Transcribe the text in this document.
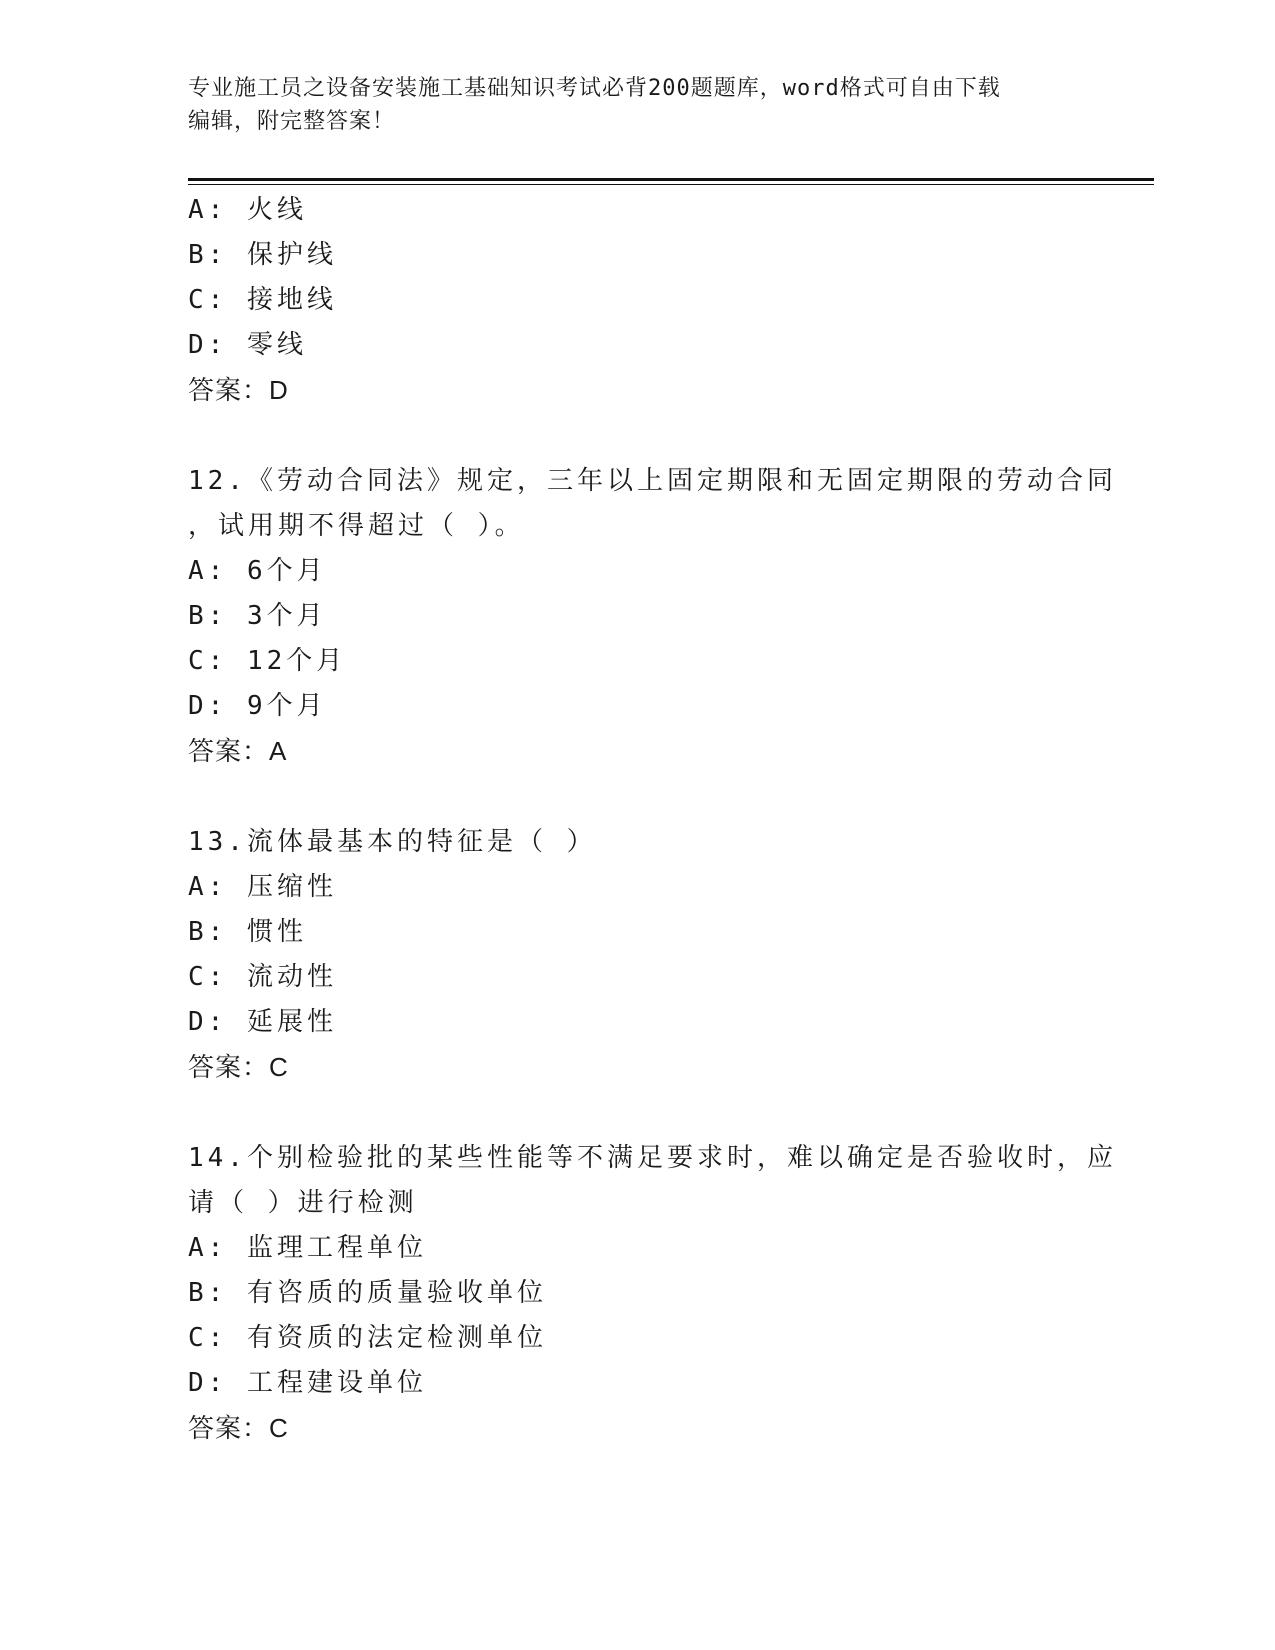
专业施工员之设备安装施工基础知识考试必背200题题库，word格式可自由下载
编辑，附完整答案！
A: 火线
B: 保护线
C: 接地线
D: 零线
答案：D
12.《劳动合同法》规定，三年以上固定期限和无固定期限的劳动合同
，试用期不得超过（ ）。
A: 6个月
B: 3个月
C: 12个月
D: 9个月
答案：A
13.流体最基本的特征是（ ）
A: 压缩性
B: 惯性
C: 流动性
D: 延展性
答案：C
14.个别检验批的某些性能等不满足要求时，难以确定是否验收时，应
请（ ）进行检测
A: 监理工程单位
B: 有咨质的质量验收单位
C: 有资质的法定检测单位
D: 工程建设单位
答案：C
